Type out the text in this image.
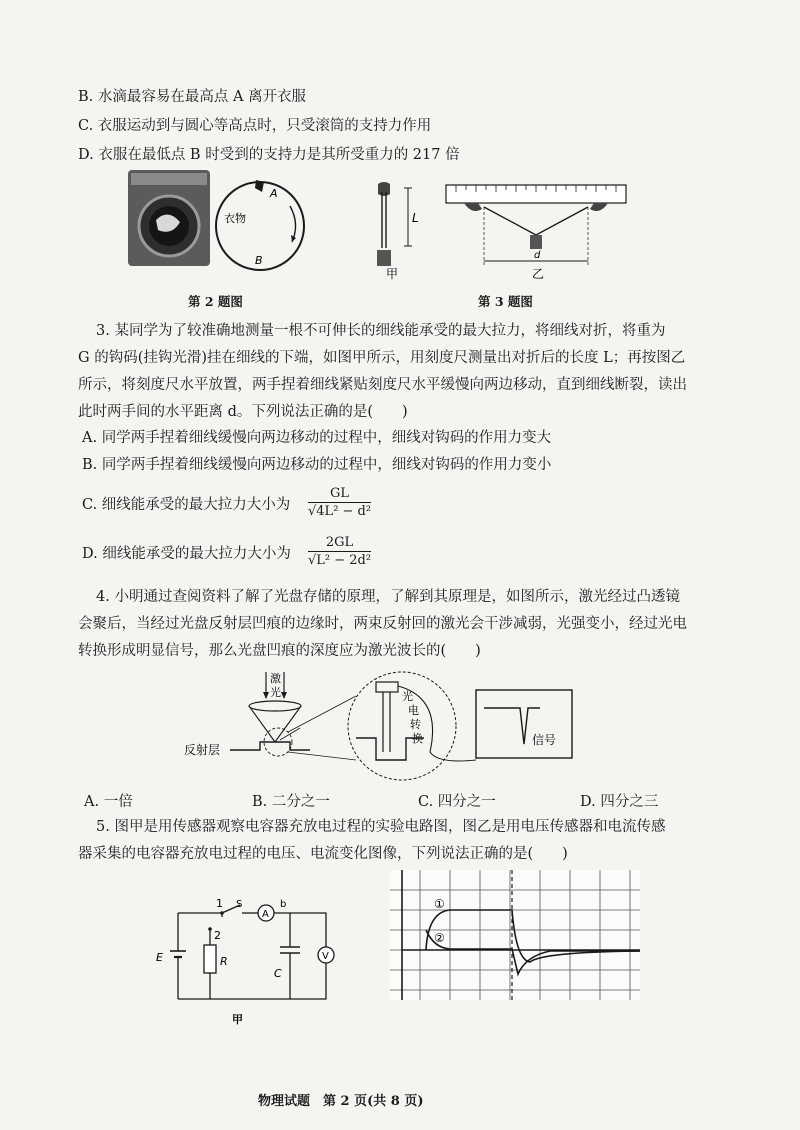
B. 水滴最容易在最高点 A 离开衣服
C. 衣服运动到与圆心等高点时，只受滚筒的支持力作用
D. 衣服在最低点 B 时受到的支持力是其所受重力的 217 倍
A
衣物
B
L
甲
d
乙
第 2 题图	第 3 题图
3. 某同学为了较准确地测量一根不可伸长的细线能承受的最大拉力，将细线对折，将重为
G 的钩码(挂钩光滑)挂在细线的下端，如图甲所示，用刻度尺测量出对折后的长度 L；再按图乙
所示，将刻度尺水平放置，两手捏着细线紧贴刻度尺水平缓慢向两边移动，直到细线断裂，读出
此时两手间的水平距离 d。下列说法正确的是(　　)
A. 同学两手捏着细线缓慢向两边移动的过程中，细线对钩码的作用力变大
B. 同学两手捏着细线缓慢向两边移动的过程中，细线对钩码的作用力变小
C. 细线能承受的最大拉力大小为 $\frac{GL}{\text{√4L² − d²}}$
D. 细线能承受的最大拉力大小为 $\frac{2GL}{\text{√L² − 2d²}}$
4. 小明通过查阅资料了解了光盘存储的原理，了解到其原理是，如图所示，激光经过凸透镜
会聚后，当经过光盘反射层凹痕的边缘时，两束反射回的激光会干涉减弱，光强变小，经过光电
转换形成明显信号，那么光盘凹痕的深度应为激光波长的(　　)
激
光
反射层
光
电
转
换	信号
A. 一倍	B. 二分之一	C. 四分之一	D. 四分之三
5. 图甲是用传感器观察电容器充放电过程的实验电路图，图乙是用电压传感器和电流传感
器采集的电容器充放电过程的电压、电流变化图像，下列说法正确的是(　　)
A
V
1
2
S	b
E	R
C
甲
①
②
物理试题　第 2 页(共 8 页)
